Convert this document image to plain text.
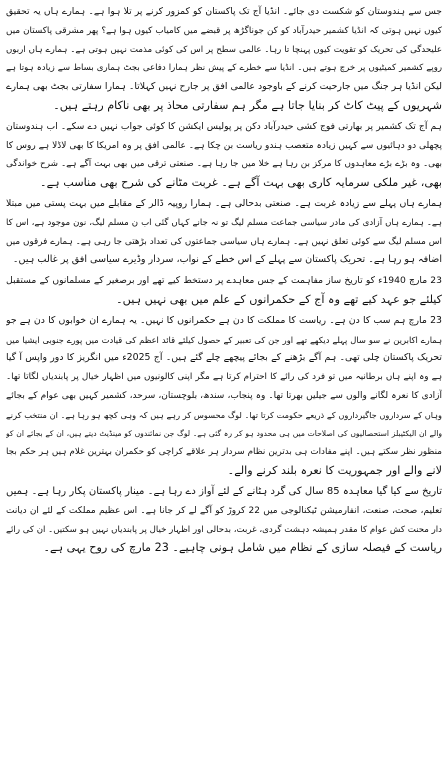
جس سے ہندوستان کو شکست دی جائے۔ انڈیا آج تک پاکستان کو کمزور کرنے پر تلا ہوا ہے۔ ہمارے ہاں یہ تحقیق
کیوں نہیں ہوتی کہ انڈیا کشمیر حیدرآباد کو کن جوناگڑھ پر قبضے میں کامیاب کیوں ہوا ہے؟ پھر مشرقی پاکستان میں
علیحدگی کی تحریک کو تقویت کیوں پہنچا تا رہا۔ عالمی سطح پر اس کی کوئی مذمت نہیں ہوتی ہے۔ ہمارے ہاں اربوں
روپے کشمیر کمیٹیوں پر خرچ ہوتے ہیں۔ انڈیا سے خطرے کے پیش نظر ہمارا دفاعی بجٹ ہماری بساط سے زیادہ ہوتا ہے
لیکن انڈیا ہر جنگ میں جارحیت کرنے کے باوجود عالمی افق پر جارح نہیں کہلاتا۔ ہمارا سفارتی بجٹ بھی ہمارے
شہریوں کے پیٹ کاٹ کر بنایا جاتا ہے مگر ہم سفارتی محاذ پر بھی ناکام رہتے ہیں۔
ہم آج تک کشمیر پر بھارتی فوج کشی حیدرآباد دکن پر پولیس ایکشن کا کوئی جواب نہیں دے سکے۔ اب ہندوستان
پچھلی دو دہائیوں سے کہیں زیادہ متعصب ہندو ریاست بن چکا ہے۔ عالمی افق پر وہ امریکا کا بھی لاڈلا ہے روس کا
بھی۔ وہ بڑے بڑے معاہدوں کا مرکز بن رہا ہے خلا میں جا رہا ہے۔ صنعتی ترقی میں بھی بہت آگے ہے۔ شرح خواندگی
بھی، غیر ملکی سرمایہ کاری بھی بہت آگے ہے۔ غربت مٹانے کی شرح بھی مناسب ہے۔
ہمارے ہاں پہلے سے زیادہ غربت ہے۔ صنعتی بدحالی ہے۔ ہمارا روپیہ ڈالر کے مقابلے میں بہت پستی میں مبتلا
ہے۔ ہمارے ہاں آزادی کی مادر سیاسی جماعت مسلم لیگ تو نہ جانے کہاں گئی اب ن مسلم لیگ، نون موجود ہے، اس کا
اس مسلم لیگ سے کوئی تعلق نہیں ہے۔ ہمارے ہاں سیاسی جماعتوں کی تعداد بڑھتی جا رہی ہے۔ ہمارے فرقوں میں
اضافہ ہو رہا ہے۔ تحریک پاکستان سے پہلے کے اس خطے کے نواب، سردار وڈیرے سیاسی افق پر غالب ہیں۔
23 مارچ 1940ء کو تاریخ ساز مفاہمت کے جس معاہدے پر دستخط کیے تھے اور برصغیر کے مسلمانوں کے مستقبل
کیلئے جو عہد کیے تھے وہ آج کے حکمرانوں کے علم میں بھی نہیں ہیں۔
23 مارچ ہم سب کا دن ہے۔ ریاست کا مملکت کا دن ہے حکمرانوں کا نہیں۔ یہ ہمارے ان خوابوں کا دن ہے جو
ہمارے اکابرین نے سو سال پہلے دیکھے تھے اور جن کی تعبیر کے حصول کیلئے قائد اعظم کی قیادت میں پورے جنوبی ایشیا میں
تحریک پاکستان چلی تھی۔ ہم آگے بڑھنے کے بجائے پیچھے چلے گئے ہیں۔ آج 2025ء میں انگریز کا دور واپس آ گیا
ہے وہ اپنے ہاں برطانیہ میں تو فرد کی رائے کا احترام کرتا ہے مگر اپنی کالونیوں میں اظہار خیال پر پابندیاں لگاتا تھا۔
آزادی کا نعرہ لگانے والوں سے جیلیں بھرتا تھا۔ وہ پنجاب، سندھ، بلوچستان، سرحد، کشمیر کہیں بھی عوام کے بجائے
وہاں کے سرداروں جاگیرداروں کے ذریعے حکومت کرتا تھا۔ لوگ محسوس کر رہے ہیں کہ وہی کچھ ہو رہا ہے۔ ان منتخب کرنے
والے ان الیکٹیبلز استحصالیوں کی اصلاحات میں ہی محدود ہو کر رہ گئی ہے۔ لوگ جن نمائندوں کو مینڈیٹ دیتے ہیں، ان کے بجائے ان کو
منظور نظر سکتے ہیں۔ اپنے مفادات ہی بدترین نظام سردار ہر علاقے کراچی کو حکمران بہترین غلام ہیں ہر حکم بجا
لانے والے اور جمہوریت کا نعرہ بلند کرنے والے۔
تاریخ سے کیا گیا معاہدہ 85 سال کی گرد ہٹانے کے لئے آواز دے رہا ہے۔ مینار پاکستان پکار رہا ہے۔ ہمیں
تعلیم، صحت، صنعت، انفارمیشن ٹیکنالوجی میں 22 کروڑ کو آگے لے کر جانا ہے۔ اس عظیم مملکت کے لئے ان دیانت
دار محنت کش عوام کا مقدر ہمیشہ دہشت گردی، غربت، بدحالی اور اظہار خیال پر پابندیاں نہیں ہو سکتیں۔ ان کی رائے
ریاست کے فیصلہ سازی کے نظام میں شامل ہونی چاہیے۔ 23 مارچ کی روح یہی ہے۔
